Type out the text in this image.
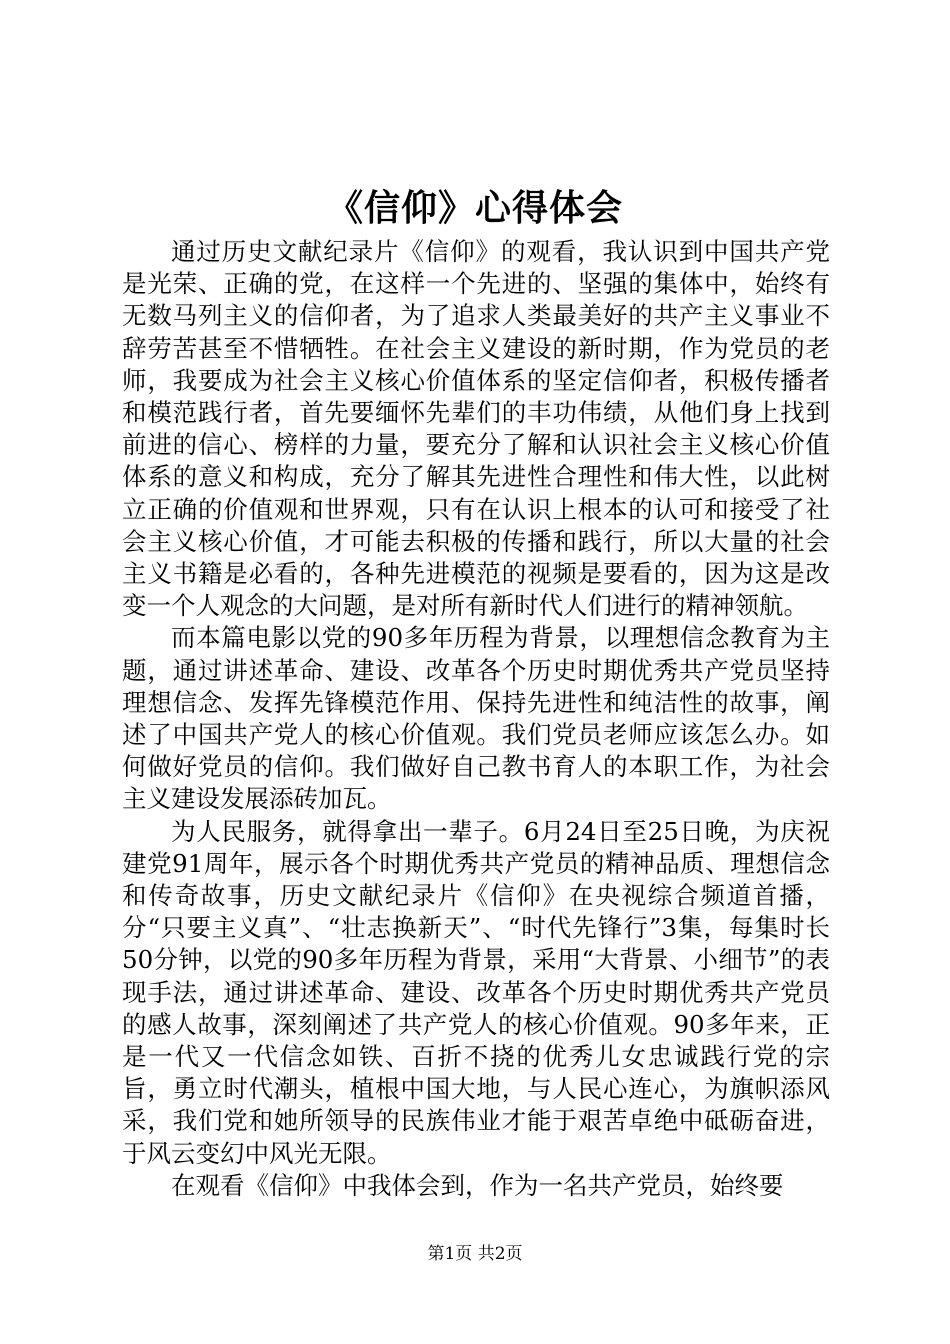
《信仰》心得体会

通过历史文献纪录片《信仰》的观看，我认识到中国共产党是光荣、正确的党，在这样一个先进的、坚强的集体中，始终有无数马列主义的信仰者，为了追求人类最美好的共产主义事业不辞劳苦甚至不惜牺牲。在社会主义建设的新时期，作为党员的老师，我要成为社会主义核心价值体系的坚定信仰者，积极传播者和模范践行者，首先要缅怀先辈们的丰功伟绩，从他们身上找到前进的信心、榜样的力量，要充分了解和认识社会主义核心价值体系的意义和构成，充分了解其先进性合理性和伟大性，以此树立正确的价值观和世界观，只有在认识上根本的认可和接受了社会主义核心价值，才可能去积极的传播和践行，所以大量的社会主义书籍是必看的，各种先进模范的视频是要看的，因为这是改变一个人观念的大问题，是对所有新时代人们进行的精神领航。

而本篇电影以党的90多年历程为背景，以理想信念教育为主题，通过讲述革命、建设、改革各个历史时期优秀共产党员坚持理想信念、发挥先锋模范作用、保持先进性和纯洁性的故事，阐述了中国共产党人的核心价值观。我们党员老师应该怎么办。如何做好党员的信仰。我们做好自己教书育人的本职工作，为社会主义建设发展添砖加瓦。

为人民服务，就得拿出一辈子。6月24日至25日晚，为庆祝建党91周年，展示各个时期优秀共产党员的精神品质、理想信念和传奇故事，历史文献纪录片《信仰》在央视综合频道首播，分“只要主义真”、“壮志换新天”、“时代先锋行”3集，每集时长50分钟，以党的90多年历程为背景，采用“大背景、小细节”的表现手法，通过讲述革命、建设、改革各个历史时期优秀共产党员的感人故事，深刻阐述了共产党人的核心价值观。90多年来，正是一代又一代信念如铁、百折不挠的优秀儿女忠诚践行党的宗旨，勇立时代潮头，植根中国大地，与人民心连心，为旗帜添风采，我们党和她所领导的民族伟业才能于艰苦卓绝中砥砺奋进，于风云变幻中风光无限。

在观看《信仰》中我体会到，作为一名共产党员，始终要

第1页 共2页
